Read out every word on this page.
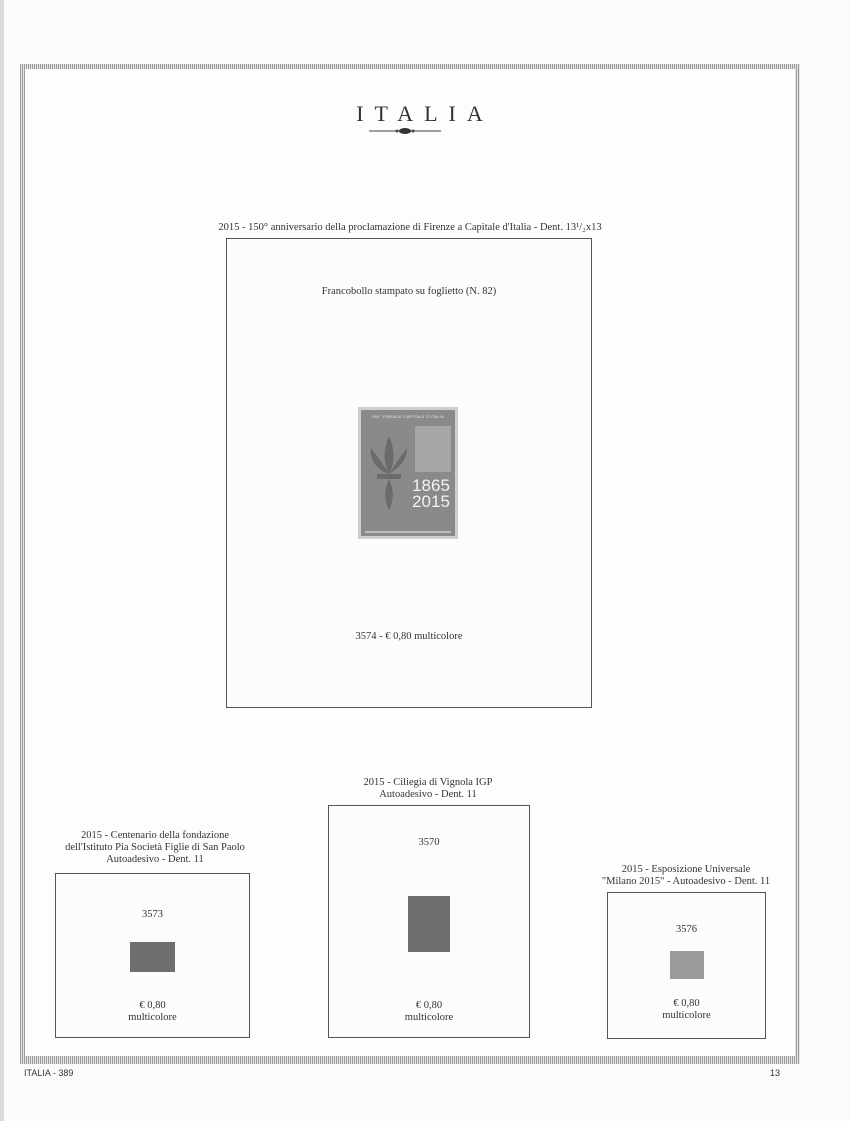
ITALIA
2015 - 150° anniversario della proclamazione di Firenze a Capitale d'Italia - Dent. 13¹/₂x13
Francobollo stampato su foglietto (N. 82)
150° FIRENZE CAPITALE D'ITALIA
1865
2015
3574 - € 0,80 multicolore
2015 - Centenario della fondazione
dell'Istituto Pia Società Figlie di San Paolo
Autoadesivo - Dent. 11
3573
€ 0,80
multicolore
2015 - Ciliegia di Vignola IGP
Autoadesivo - Dent. 11
3570
€ 0,80
multicolore
2015 - Esposizione Universale
"Milano 2015" - Autoadesivo - Dent. 11
3576
€ 0,80
multicolore
ITALIA - 389	13
